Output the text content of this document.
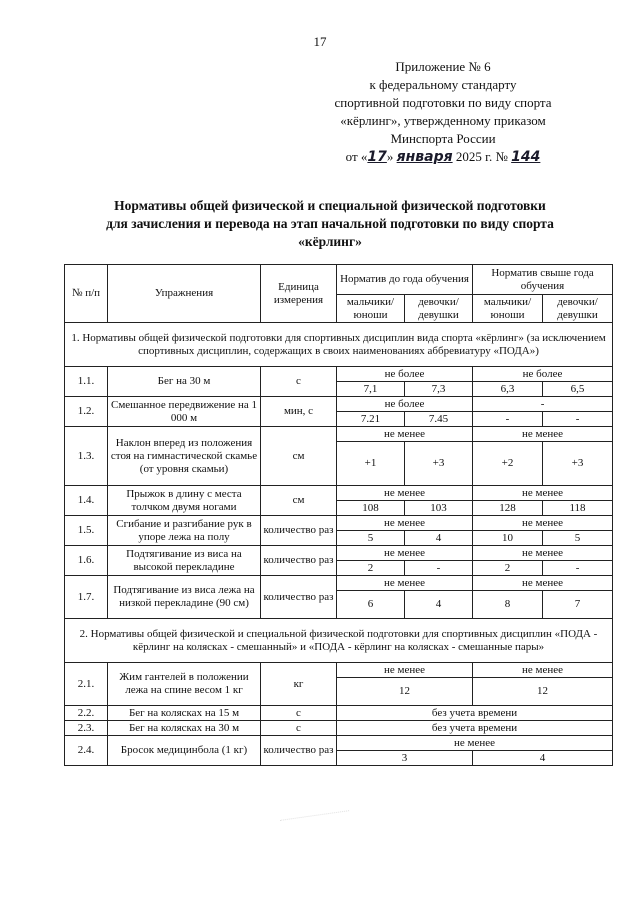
17
Приложение № 6
к федеральному стандарту
спортивной подготовки по виду спорта
«кёрлинг», утвержденному приказом
Минспорта России
от «17» января 2025 г. № 144
Нормативы общей физической и специальной физической подготовки
для зачисления и перевода на этап начальной подготовки по виду спорта
«кёрлинг»
№ п/п	Упражнения	Единица измерения	Норматив до года обучения		Норматив свыше года обучения	
			мальчики/ юноши	девочки/ девушки	мальчики/ юноши	девочки/ девушки
1. Нормативы общей физической подготовки для спортивных дисциплин вида спорта «кёрлинг» (за исключением спортивных дисциплин, содержащих в своих наименованиях аббревиатуру «ПОДА»)						
1.1.	Бег на 30 м	с	не более		не более	
			7,1	7,3	6,3	6,5
1.2.	Смешанное передвижение на 1 000 м	мин, с	не более		-	
			7.21	7.45	-	-
1.3.	Наклон вперед из положения стоя на гимнастической скамье (от уровня скамьи)	см	не менее		не менее	
			+1	+3	+2	+3
1.4.	Прыжок в длину с места толчком двумя ногами	см	не менее		не менее	
			108	103	128	118
1.5.	Сгибание и разгибание рук в упоре лежа на полу	количество раз	не менее		не менее	
			5	4	10	5
1.6.	Подтягивание из виса на высокой перекладине	количество раз	не менее		не менее	
			2	-	2	-
1.7.	Подтягивание из виса лежа на низкой перекладине (90 см)	количество раз	не менее		не менее	
			6	4	8	7
2. Нормативы общей физической и специальной физической подготовки для спортивных дисциплин «ПОДА - кёрлинг на колясках - смешанный» и «ПОДА - кёрлинг на колясках - смешанные пары»						
2.1.	Жим гантелей в положении лежа на спине весом 1 кг	кг	не менее		не менее	
			12		12	
2.2.	Бег на колясках на 15 м	с	без учета времени			
2.3.	Бег на колясках на 30 м	с	без учета времени			
2.4.	Бросок медицинбола (1 кг)	количество раз	не менее			
			3		4	
